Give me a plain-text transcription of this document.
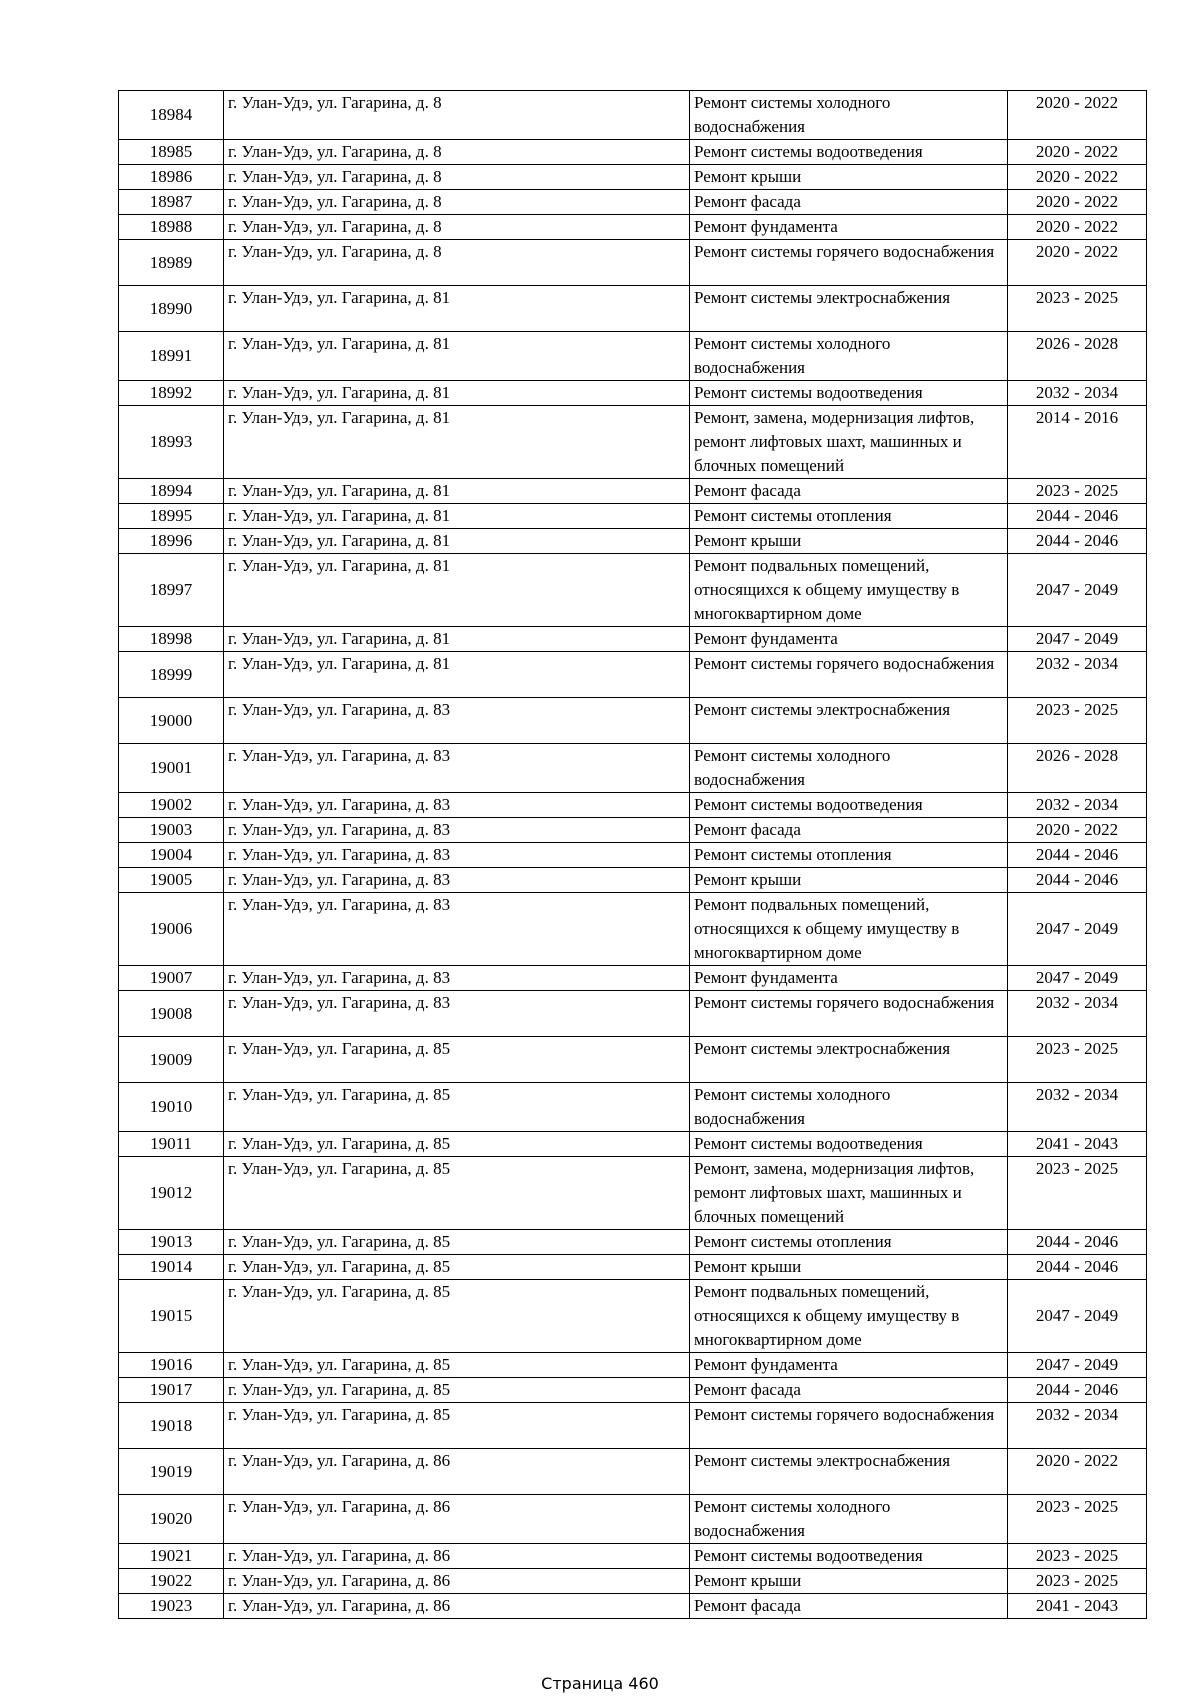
18984	г. Улан-Удэ, ул. Гагарина, д. 8	Ремонт системы холодного водоснабжения	2020 - 2022
18985	г. Улан-Удэ, ул. Гагарина, д. 8	Ремонт системы водоотведения	2020 - 2022
18986	г. Улан-Удэ, ул. Гагарина, д. 8	Ремонт крыши	2020 - 2022
18987	г. Улан-Удэ, ул. Гагарина, д. 8	Ремонт фасада	2020 - 2022
18988	г. Улан-Удэ, ул. Гагарина, д. 8	Ремонт фундамента	2020 - 2022
18989	г. Улан-Удэ, ул. Гагарина, д. 8	Ремонт системы горячего водоснабжения	2020 - 2022
18990	г. Улан-Удэ, ул. Гагарина, д. 81	Ремонт системы электроснабжения	2023 - 2025
18991	г. Улан-Удэ, ул. Гагарина, д. 81	Ремонт системы холодного водоснабжения	2026 - 2028
18992	г. Улан-Удэ, ул. Гагарина, д. 81	Ремонт системы водоотведения	2032 - 2034
18993	г. Улан-Удэ, ул. Гагарина, д. 81	Ремонт, замена, модернизация лифтов, ремонт лифтовых шахт, машинных и блочных помещений	2014 - 2016
18994	г. Улан-Удэ, ул. Гагарина, д. 81	Ремонт фасада	2023 - 2025
18995	г. Улан-Удэ, ул. Гагарина, д. 81	Ремонт системы отопления	2044 - 2046
18996	г. Улан-Удэ, ул. Гагарина, д. 81	Ремонт крыши	2044 - 2046
18997	г. Улан-Удэ, ул. Гагарина, д. 81	Ремонт подвальных помещений, относящихся к общему имуществу в многоквартирном доме	2047 - 2049
18998	г. Улан-Удэ, ул. Гагарина, д. 81	Ремонт фундамента	2047 - 2049
18999	г. Улан-Удэ, ул. Гагарина, д. 81	Ремонт системы горячего водоснабжения	2032 - 2034
19000	г. Улан-Удэ, ул. Гагарина, д. 83	Ремонт системы электроснабжения	2023 - 2025
19001	г. Улан-Удэ, ул. Гагарина, д. 83	Ремонт системы холодного водоснабжения	2026 - 2028
19002	г. Улан-Удэ, ул. Гагарина, д. 83	Ремонт системы водоотведения	2032 - 2034
19003	г. Улан-Удэ, ул. Гагарина, д. 83	Ремонт фасада	2020 - 2022
19004	г. Улан-Удэ, ул. Гагарина, д. 83	Ремонт системы отопления	2044 - 2046
19005	г. Улан-Удэ, ул. Гагарина, д. 83	Ремонт крыши	2044 - 2046
19006	г. Улан-Удэ, ул. Гагарина, д. 83	Ремонт подвальных помещений, относящихся к общему имуществу в многоквартирном доме	2047 - 2049
19007	г. Улан-Удэ, ул. Гагарина, д. 83	Ремонт фундамента	2047 - 2049
19008	г. Улан-Удэ, ул. Гагарина, д. 83	Ремонт системы горячего водоснабжения	2032 - 2034
19009	г. Улан-Удэ, ул. Гагарина, д. 85	Ремонт системы электроснабжения	2023 - 2025
19010	г. Улан-Удэ, ул. Гагарина, д. 85	Ремонт системы холодного водоснабжения	2032 - 2034
19011	г. Улан-Удэ, ул. Гагарина, д. 85	Ремонт системы водоотведения	2041 - 2043
19012	г. Улан-Удэ, ул. Гагарина, д. 85	Ремонт, замена, модернизация лифтов, ремонт лифтовых шахт, машинных и блочных помещений	2023 - 2025
19013	г. Улан-Удэ, ул. Гагарина, д. 85	Ремонт системы отопления	2044 - 2046
19014	г. Улан-Удэ, ул. Гагарина, д. 85	Ремонт крыши	2044 - 2046
19015	г. Улан-Удэ, ул. Гагарина, д. 85	Ремонт подвальных помещений, относящихся к общему имуществу в многоквартирном доме	2047 - 2049
19016	г. Улан-Удэ, ул. Гагарина, д. 85	Ремонт фундамента	2047 - 2049
19017	г. Улан-Удэ, ул. Гагарина, д. 85	Ремонт фасада	2044 - 2046
19018	г. Улан-Удэ, ул. Гагарина, д. 85	Ремонт системы горячего водоснабжения	2032 - 2034
19019	г. Улан-Удэ, ул. Гагарина, д. 86	Ремонт системы электроснабжения	2020 - 2022
19020	г. Улан-Удэ, ул. Гагарина, д. 86	Ремонт системы холодного водоснабжения	2023 - 2025
19021	г. Улан-Удэ, ул. Гагарина, д. 86	Ремонт системы водоотведения	2023 - 2025
19022	г. Улан-Удэ, ул. Гагарина, д. 86	Ремонт крыши	2023 - 2025
19023	г. Улан-Удэ, ул. Гагарина, д. 86	Ремонт фасада	2041 - 2043
Страница 460
